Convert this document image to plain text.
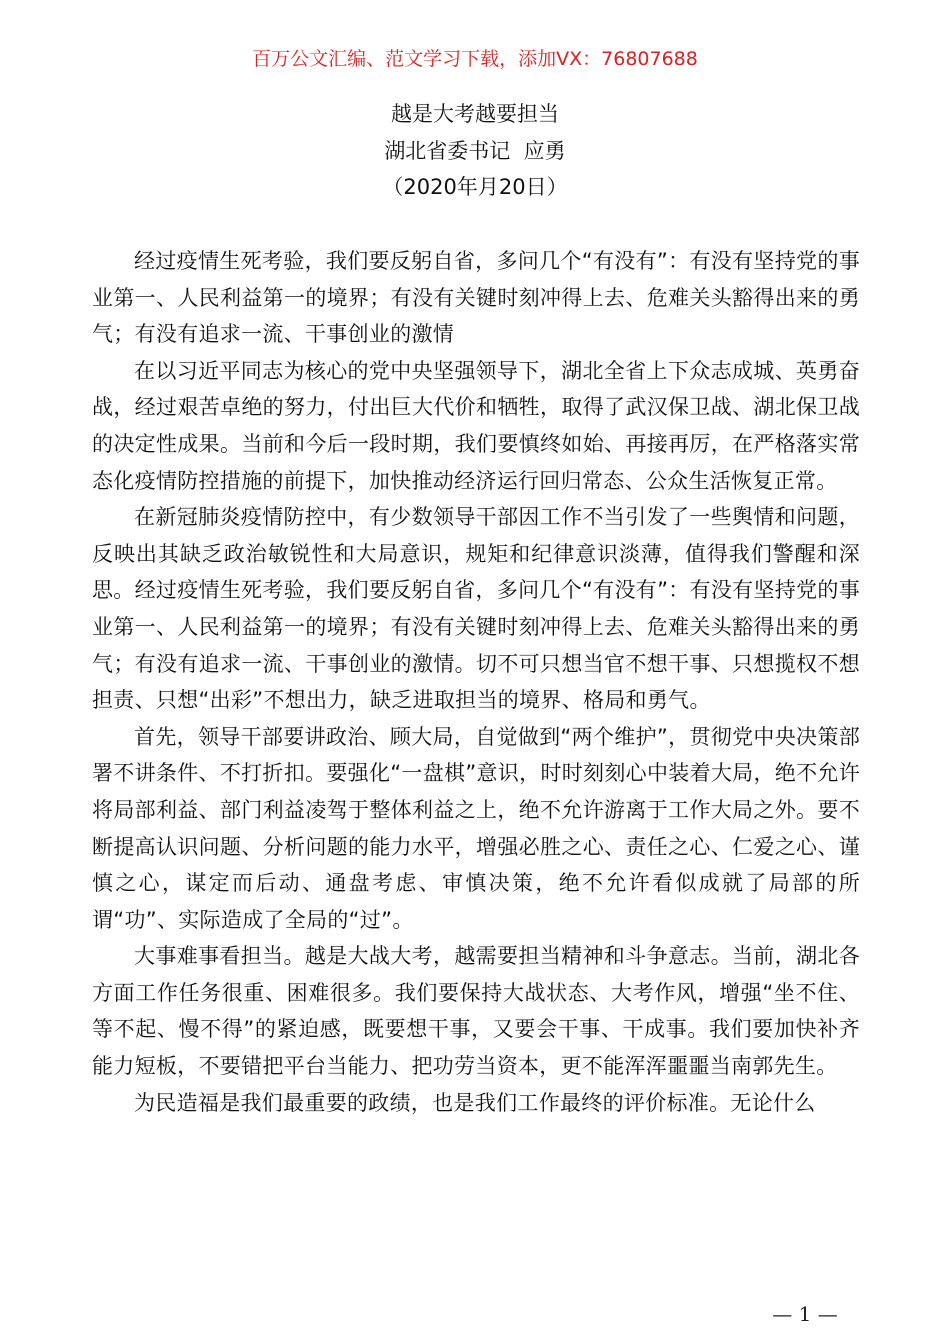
百万公文汇编、范文学习下载，添加VX：76807688
越是大考越要担当
湖北省委书记  应勇
（2020年月20日）

经过疫情生死考验，我们要反躬自省，多问几个“有没有”：有没有坚持党的事业第一、人民利益第一的境界；有没有关键时刻冲得上去、危难关头豁得出来的勇气；有没有追求一流、干事创业的激情

在以习近平同志为核心的党中央坚强领导下，湖北全省上下众志成城、英勇奋战，经过艰苦卓绝的努力，付出巨大代价和牺牲，取得了武汉保卫战、湖北保卫战的决定性成果。当前和今后一段时期，我们要慎终如始、再接再厉，在严格落实常态化疫情防控措施的前提下，加快推动经济运行回归常态、公众生活恢复正常。

在新冠肺炎疫情防控中，有少数领导干部因工作不当引发了一些舆情和问题，反映出其缺乏政治敏锐性和大局意识，规矩和纪律意识淡薄，值得我们警醒和深思。经过疫情生死考验，我们要反躬自省，多问几个“有没有”：有没有坚持党的事业第一、人民利益第一的境界；有没有关键时刻冲得上去、危难关头豁得出来的勇气；有没有追求一流、干事创业的激情。切不可只想当官不想干事、只想揽权不想担责、只想“出彩”不想出力，缺乏进取担当的境界、格局和勇气。

首先，领导干部要讲政治、顾大局，自觉做到“两个维护”，贯彻党中央决策部署不讲条件、不打折扣。要强化“一盘棋”意识，时时刻刻心中装着大局，绝不允许将局部利益、部门利益凌驾于整体利益之上，绝不允许游离于工作大局之外。要不断提高认识问题、分析问题的能力水平，增强必胜之心、责任之心、仁爱之心、谨慎之心，谋定而后动、通盘考虑、审慎决策，绝不允许看似成就了局部的所谓“功”、实际造成了全局的“过”。

大事难事看担当。越是大战大考，越需要担当精神和斗争意志。当前，湖北各方面工作任务很重、困难很多。我们要保持大战状态、大考作风，增强“坐不住、等不起、慢不得”的紧迫感，既要想干事，又要会干事、干成事。我们要加快补齐能力短板，不要错把平台当能力、把功劳当资本，更不能浑浑噩噩当南郭先生。

为民造福是我们最重要的政绩，也是我们工作最终的评价标准。无论什么

— 1 —
